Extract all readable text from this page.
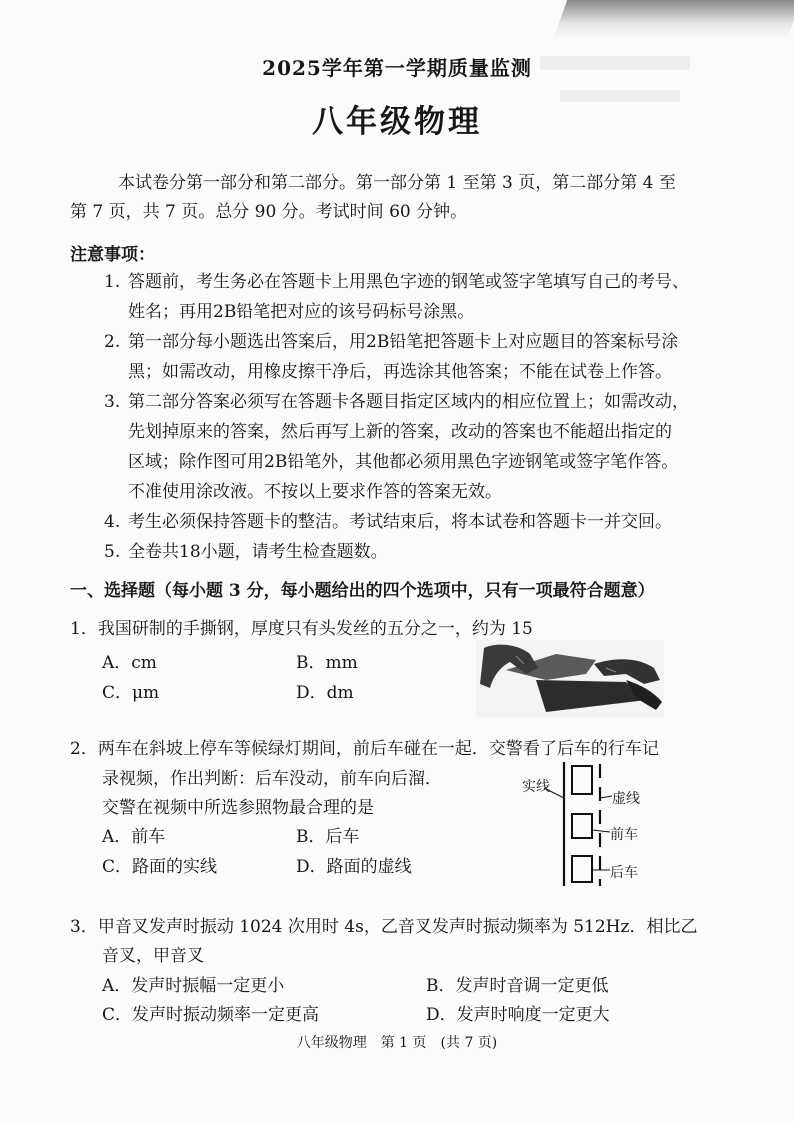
2025学年第一学期质量监测
八年级物理
本试卷分第一部分和第二部分。第一部分第 1 至第 3 页，第二部分第 4 至
第 7 页，共 7 页。总分 90 分。考试时间 60 分钟。
注意事项：
1. 答题前，考生务必在答题卡上用黑色字迹的钢笔或签字笔填写自己的考号、
姓名；再用2B铅笔把对应的该号码标号涂黑。
2. 第一部分每小题选出答案后，用2B铅笔把答题卡上对应题目的答案标号涂
黑；如需改动，用橡皮擦干净后，再选涂其他答案；不能在试卷上作答。
3. 第二部分答案必须写在答题卡各题目指定区域内的相应位置上；如需改动，
先划掉原来的答案，然后再写上新的答案，改动的答案也不能超出指定的
区域；除作图可用2B铅笔外，其他都必须用黑色字迹钢笔或签字笔作答。
不准使用涂改液。不按以上要求作答的答案无效。
4. 考生必须保持答题卡的整洁。考试结束后，将本试卷和答题卡一并交回。
5. 全卷共18小题，请考生检查题数。
一、选择题（每小题 3 分，每小题给出的四个选项中，只有一项最符合题意）
1．我国研制的手撕钢，厚度只有头发丝的五分之一，约为 15
A．cm	B．mm
C．μm	D．dm
2．两车在斜坡上停车等候绿灯期间，前后车碰在一起．交警看了后车的行车记
录视频，作出判断：后车没动，前车向后溜．
交警在视频中所选参照物最合理的是
A．前车	B．后车
C．路面的实线	D．路面的虚线
实线
虚线
前车
后车
3．甲音叉发声时振动 1024 次用时 4s，乙音叉发声时振动频率为 512Hz．相比乙
音叉，甲音叉
A．发声时振幅一定更小	B．发声时音调一定更低
C．发声时振动频率一定更高	D．发声时响度一定更大
八年级物理　第 1 页　(共 7 页)
